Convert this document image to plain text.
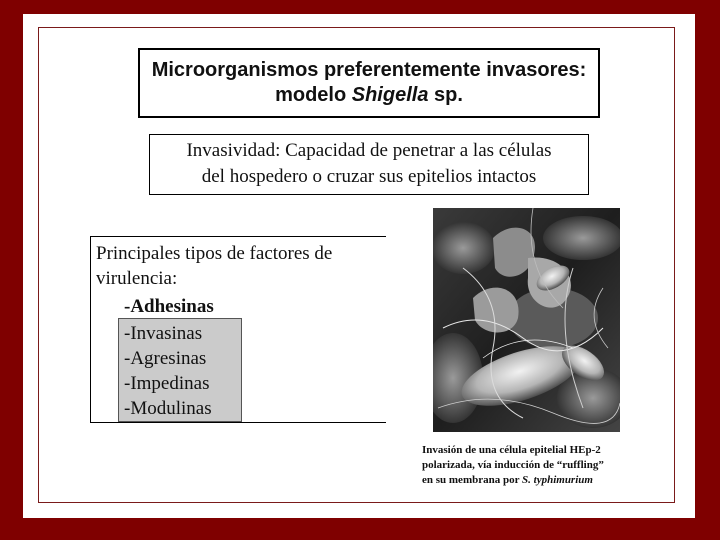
Microorganismos preferentemente invasores:
modelo Shigella sp.
Invasividad: Capacidad de penetrar a las células
del hospedero o cruzar sus epitelios intactos
Principales tipos de factores de virulencia:
-Adhesinas
-Invasinas
-Agresinas
-Impedinas
-Modulinas
Invasión de una célula epitelial HEp-2
polarizada, vía inducción de “ruffling”
en su membrana por S. typhimurium
